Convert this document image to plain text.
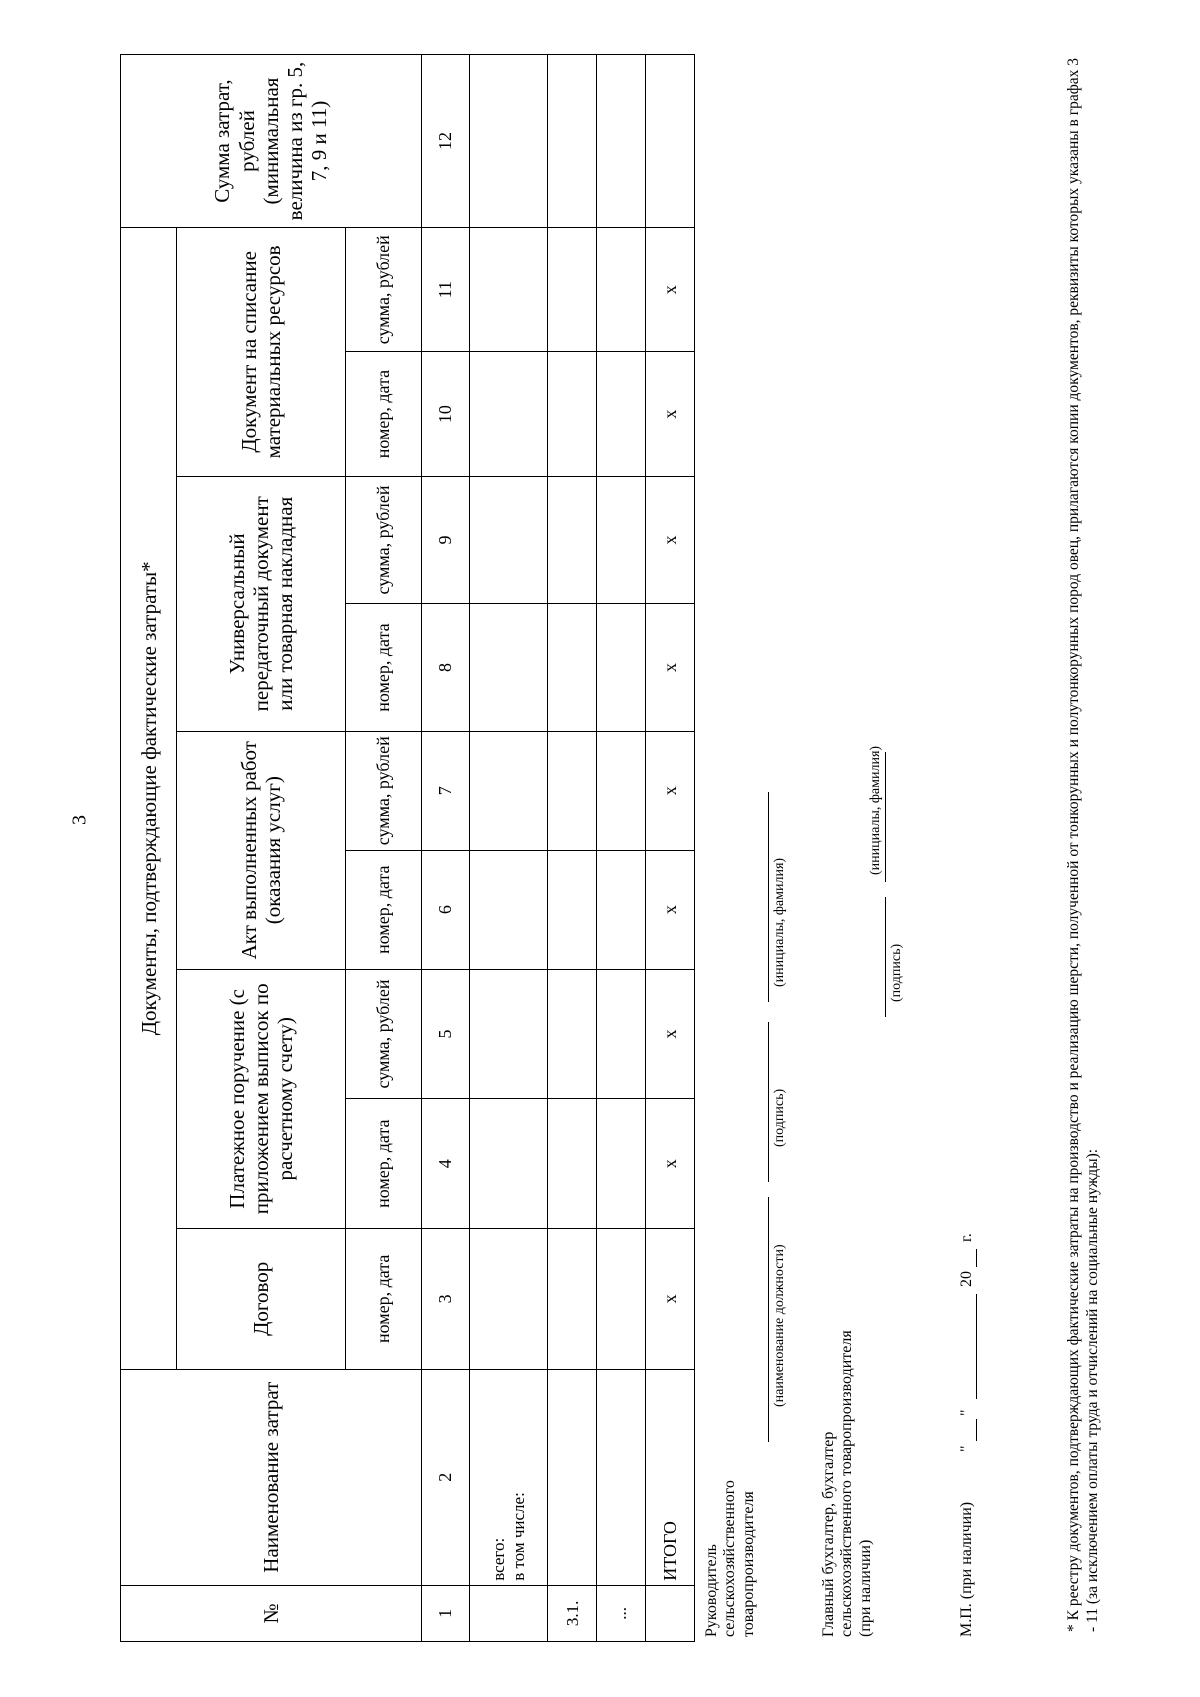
3
№	Наименование затрат	Документы, подтверждающие фактические затраты*									Сумма затрат, рублей (минимальная величина из гр. 5, 7, 9 и 11)
		Договор	Платежное поручение (с приложением выписок по расчетному счету)		Акт выполненных работ (оказания услуг)		Универсальный передаточный документ или товарная накладная		Документ на списание материальных ресурсов		
		номер, дата	номер, дата	сумма, рублей	номер, дата	сумма, рублей	номер, дата	сумма, рублей	номер, дата	сумма, рублей	
1	2	3	4	5	6	7	8	9	10	11	12

	всего: в том числе:										

3.1.											
...											
	ИТОГО	x	x	x	x	x	x	x	x	x	
Руководитель сельскохозяйственного товаропроизводителя
(наименование должности)
(подпись)
(инициалы, фамилия)
Главный бухгалтер, бухгалтер сельскохозяйственного товаропроизводителя (при наличии)
(подпись)
(инициалы, фамилия)
М.П. (при наличии)
"
"
20
г.	* К реестру документов, подтверждающих фактические затраты на производство и реализацию шерсти, полученной от тонкорунных и полутонкорунных пород овец, прилагаются копии документов, реквизиты которых указаны в графах 3 - 11 (за исключением оплаты труда и отчислений на социальные нужды):
